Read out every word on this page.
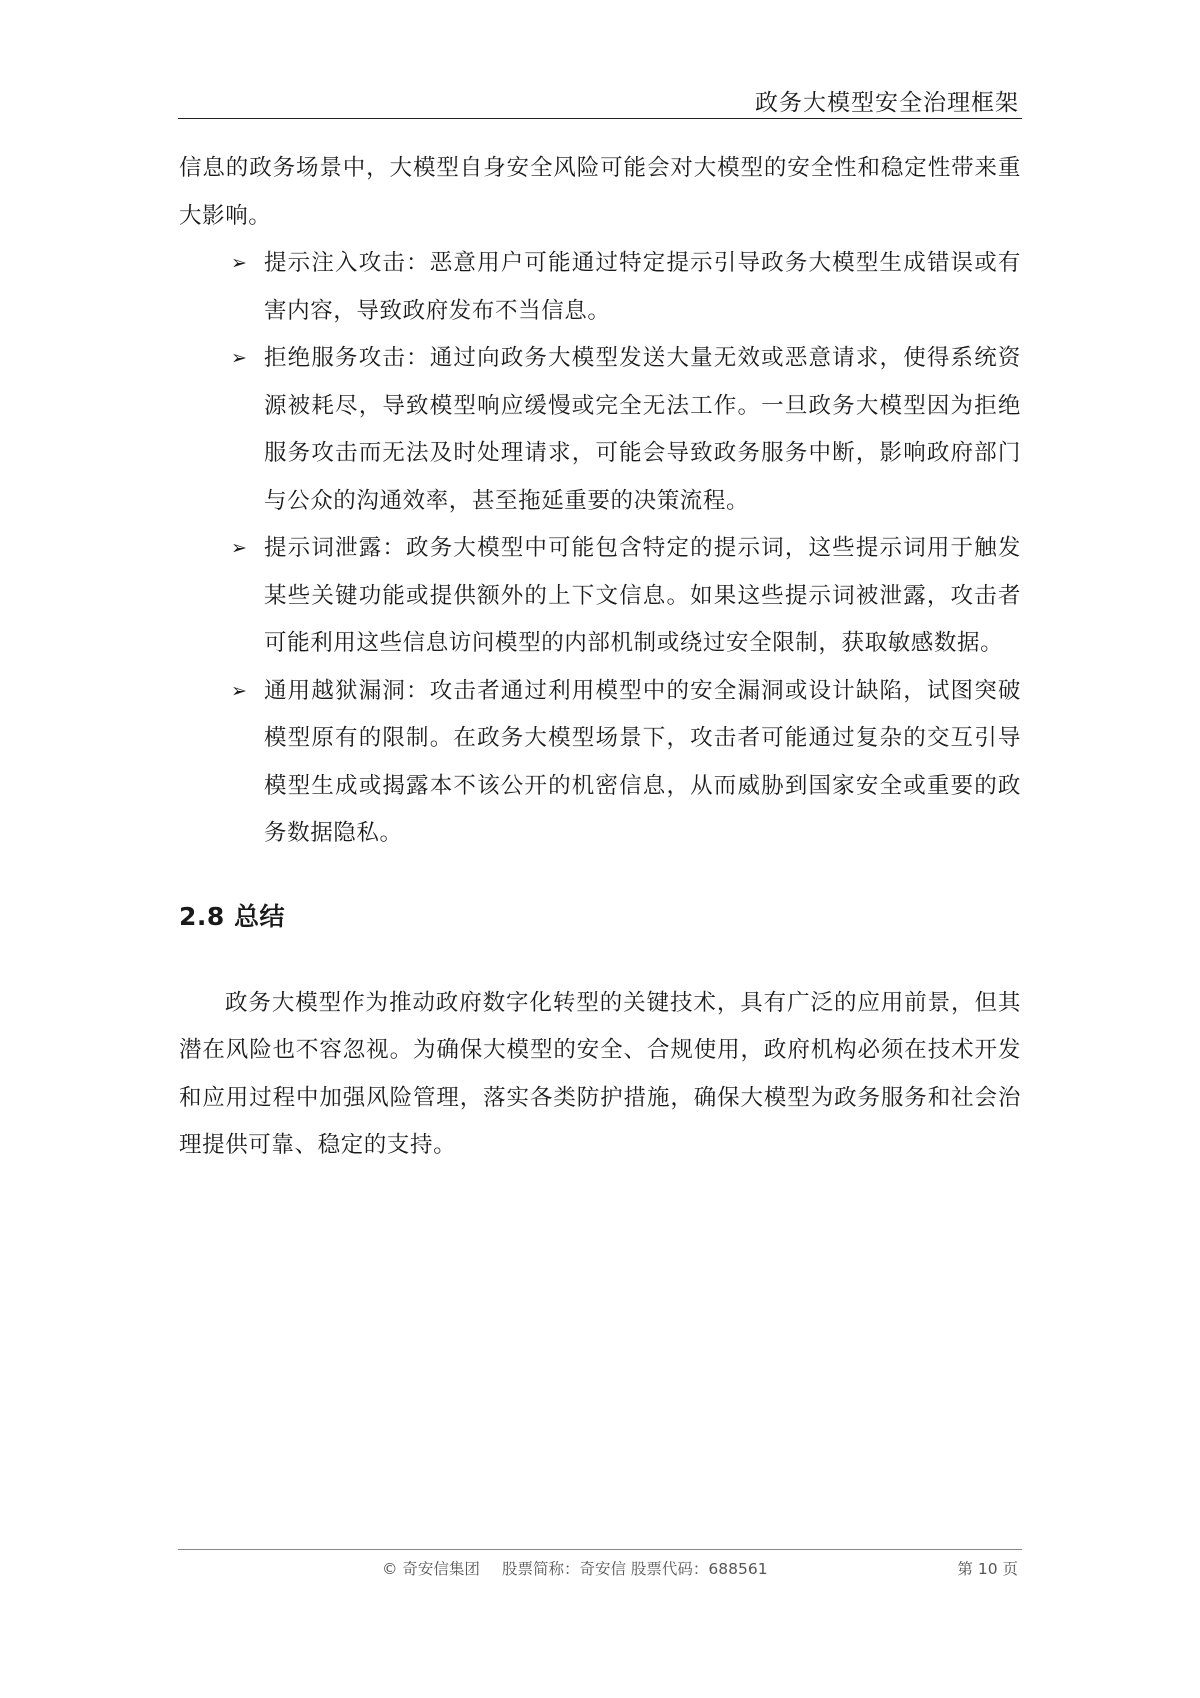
政务大模型安全治理框架

信息的政务场景中，大模型自身安全风险可能会对大模型的安全性和稳定性带来重大影响。

➢ 提示注入攻击：恶意用户可能通过特定提示引导政务大模型生成错误或有害内容，导致政府发布不当信息。
➢ 拒绝服务攻击：通过向政务大模型发送大量无效或恶意请求，使得系统资源被耗尽，导致模型响应缓慢或完全无法工作。一旦政务大模型因为拒绝服务攻击而无法及时处理请求，可能会导致政务服务中断，影响政府部门与公众的沟通效率，甚至拖延重要的决策流程。
➢ 提示词泄露：政务大模型中可能包含特定的提示词，这些提示词用于触发某些关键功能或提供额外的上下文信息。如果这些提示词被泄露，攻击者可能利用这些信息访问模型的内部机制或绕过安全限制，获取敏感数据。
➢ 通用越狱漏洞：攻击者通过利用模型中的安全漏洞或设计缺陷，试图突破模型原有的限制。在政务大模型场景下，攻击者可能通过复杂的交互引导模型生成或揭露本不该公开的机密信息，从而威胁到国家安全或重要的政务数据隐私。
2.8 总结

政务大模型作为推动政府数字化转型的关键技术，具有广泛的应用前景，但其潜在风险也不容忽视。为确保大模型的安全、合规使用，政府机构必须在技术开发和应用过程中加强风险管理，落实各类防护措施，确保大模型为政务服务和社会治理提供可靠、稳定的支持。

© 奇安信集团 股票简称：奇安信 股票代码：688561	第 10 页
